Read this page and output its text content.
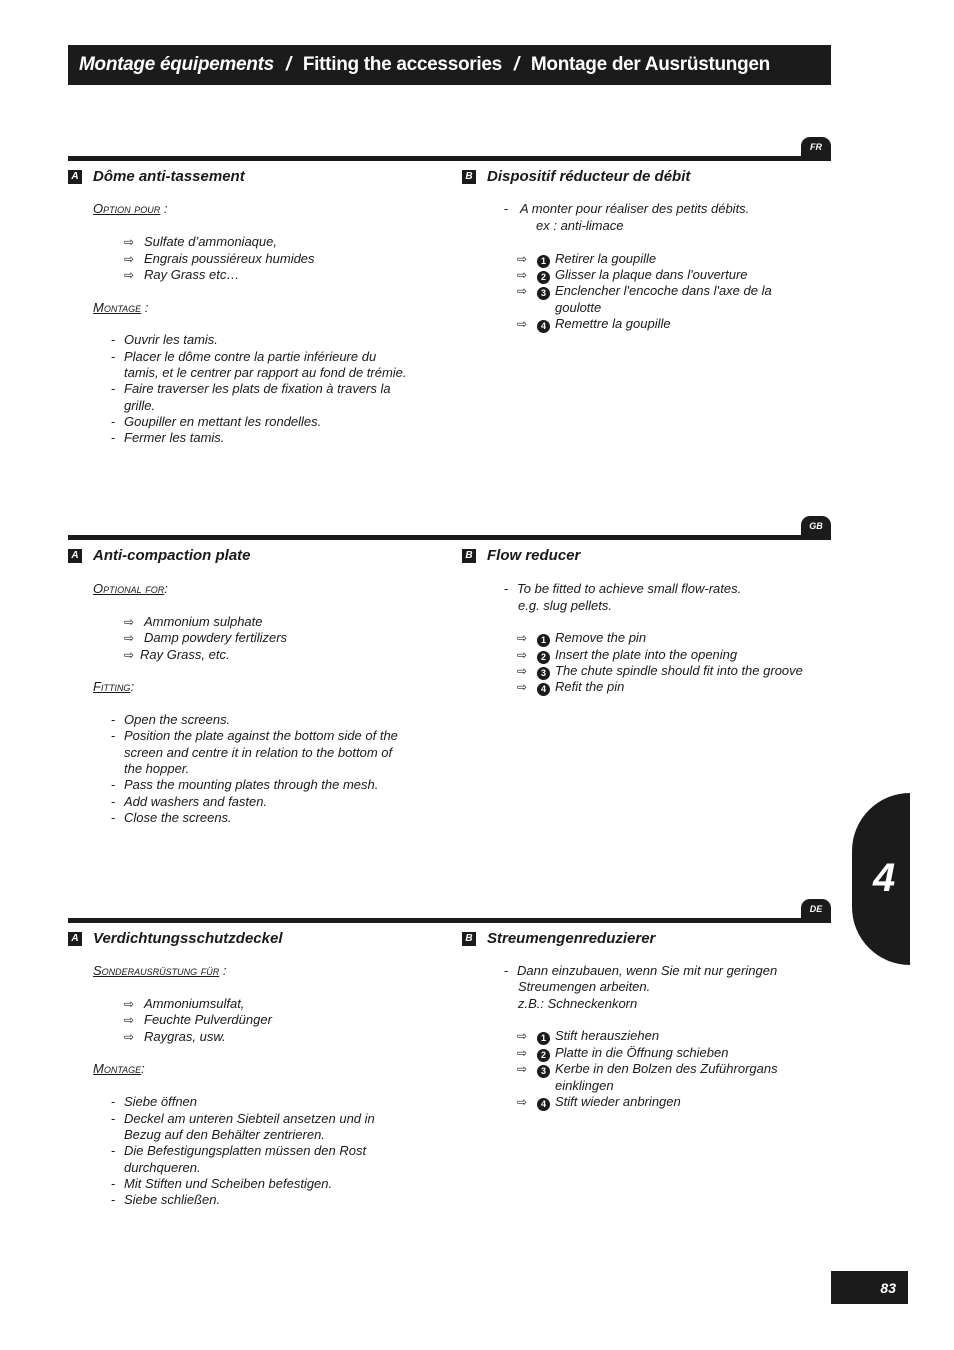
Montage équipements / Fitting the accessories / Montage der Ausrüstungen
FR
A Dôme anti-tassement
Option pour :
⇨ Sulfate d’ammoniaque,
⇨ Engrais poussiéreux humides
⇨ Ray Grass etc…
Montage :
- Ouvrir les tamis.
- Placer le dôme contre la partie inférieure du
tamis, et le centrer par rapport au fond de trémie.
- Faire traverser les plats de fixation à travers la
grille.
- Goupiller en mettant les rondelles.
- Fermer les tamis.
B Dispositif réducteur de débit
- A monter pour réaliser des petits débits.
ex : anti-limace
⇨ 1 Retirer la goupille
⇨ 2 Glisser la plaque dans l'ouverture
⇨ 3 Enclencher l'encoche dans l'axe de la
goulotte
⇨ 4 Remettre la goupille
GB
A Anti-compaction plate
Optional for:
⇨ Ammonium sulphate
⇨ Damp powdery fertilizers
⇨ Ray Grass, etc.
Fitting:
- Open the screens.
- Position the plate against the bottom side of the
screen and centre it in relation to the bottom of
the hopper.
- Pass the mounting plates through the mesh.
- Add washers and fasten.
- Close the screens.
B Flow reducer
- To be fitted to achieve small flow-rates.
e.g. slug pellets.
⇨ 1 Remove the pin
⇨ 2 Insert the plate into the opening
⇨ 3 The chute spindle should fit into the groove
⇨ 4 Refit the pin
DE
A Verdichtungsschutzdeckel
Sonderausrüstung für :
⇨ Ammoniumsulfat,
⇨ Feuchte Pulverdünger
⇨ Raygras, usw.
Montage:
- Siebe öffnen
- Deckel am unteren Siebteil ansetzen und in
Bezug auf den Behälter zentrieren.
- Die Befestigungsplatten müssen den Rost
durchqueren.
- Mit Stiften und Scheiben befestigen.
- Siebe schließen.
B Streumengenreduzierer
- Dann einzubauen, wenn Sie mit nur geringen
Streumengen arbeiten.
z.B.: Schneckenkorn
⇨ 1 Stift herausziehen
⇨ 2 Platte in die Öffnung schieben
⇨ 3 Kerbe in den Bolzen des Zuführorgans
einklingen
⇨ 4 Stift wieder anbringen
4
83
